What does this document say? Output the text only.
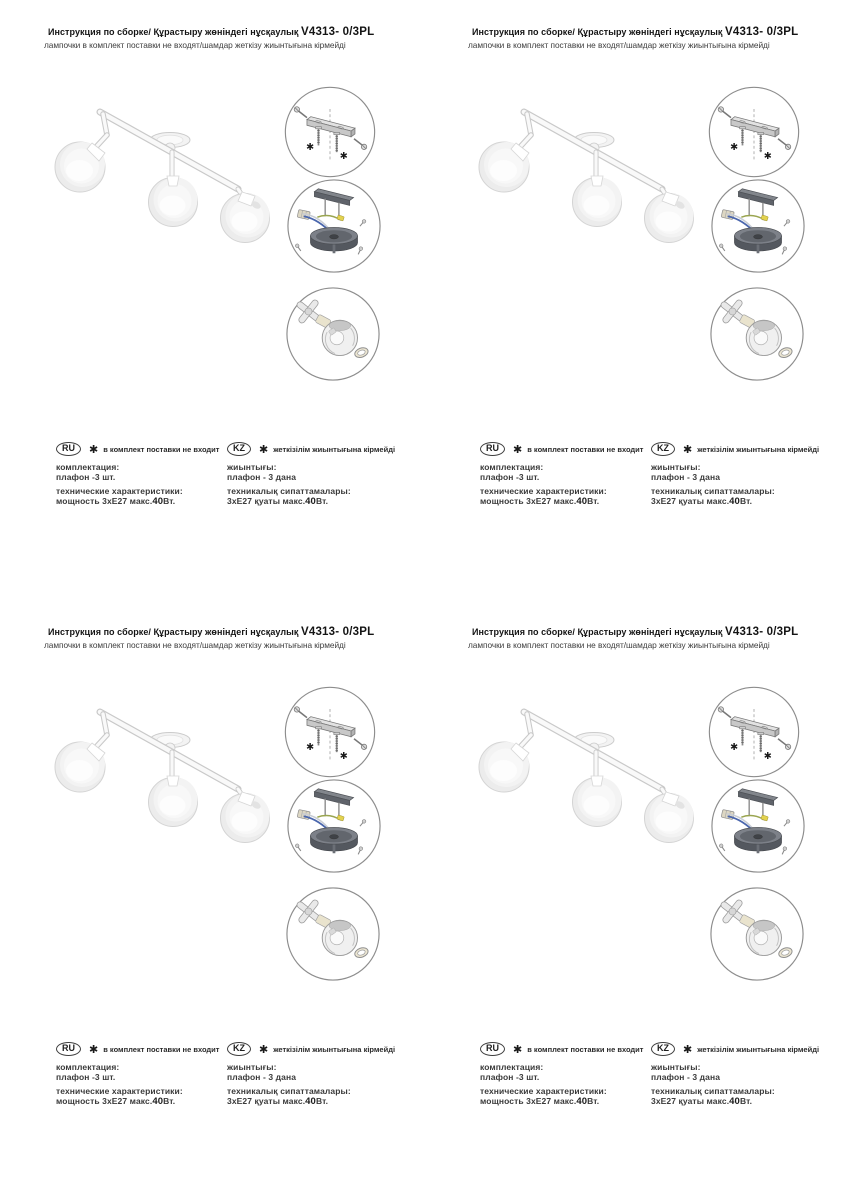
Инструкция по сборке/ Құрастыру жөніндегі нұсқаулық V4313- 0/3PL
лампочки в комплект поставки не входят/шамдар жеткізу жиынтығына кірмейді
✱
✱
RU	✱ в комплект поставки не входит
комплектация:
плафон -3 шт.
технические характеристики:
мощность 3хЕ27 макс.40Вт.
KZ	✱ жеткізілім жиынтығына кірмейді
жиынтығы:
плафон - 3 дана
техникалық сипаттамалары:
3хЕ27 қуаты макс.40Вт.
Инструкция по сборке/ Құрастыру жөніндегі нұсқаулық V4313- 0/3PL
лампочки в комплект поставки не входят/шамдар жеткізу жиынтығына кірмейді
✱
✱
RU	✱ в комплект поставки не входит
комплектация:
плафон -3 шт.
технические характеристики:
мощность 3хЕ27 макс.40Вт.
KZ	✱ жеткізілім жиынтығына кірмейді
жиынтығы:
плафон - 3 дана
техникалық сипаттамалары:
3хЕ27 қуаты макс.40Вт.
Инструкция по сборке/ Құрастыру жөніндегі нұсқаулық V4313- 0/3PL
лампочки в комплект поставки не входят/шамдар жеткізу жиынтығына кірмейді
✱
✱
RU	✱ в комплект поставки не входит
комплектация:
плафон -3 шт.
технические характеристики:
мощность 3хЕ27 макс.40Вт.
KZ	✱ жеткізілім жиынтығына кірмейді
жиынтығы:
плафон - 3 дана
техникалық сипаттамалары:
3хЕ27 қуаты макс.40Вт.
Инструкция по сборке/ Құрастыру жөніндегі нұсқаулық V4313- 0/3PL
лампочки в комплект поставки не входят/шамдар жеткізу жиынтығына кірмейді
✱
✱
RU	✱ в комплект поставки не входит
комплектация:
плафон -3 шт.
технические характеристики:
мощность 3хЕ27 макс.40Вт.
KZ	✱ жеткізілім жиынтығына кірмейді
жиынтығы:
плафон - 3 дана
техникалық сипаттамалары:
3хЕ27 қуаты макс.40Вт.
